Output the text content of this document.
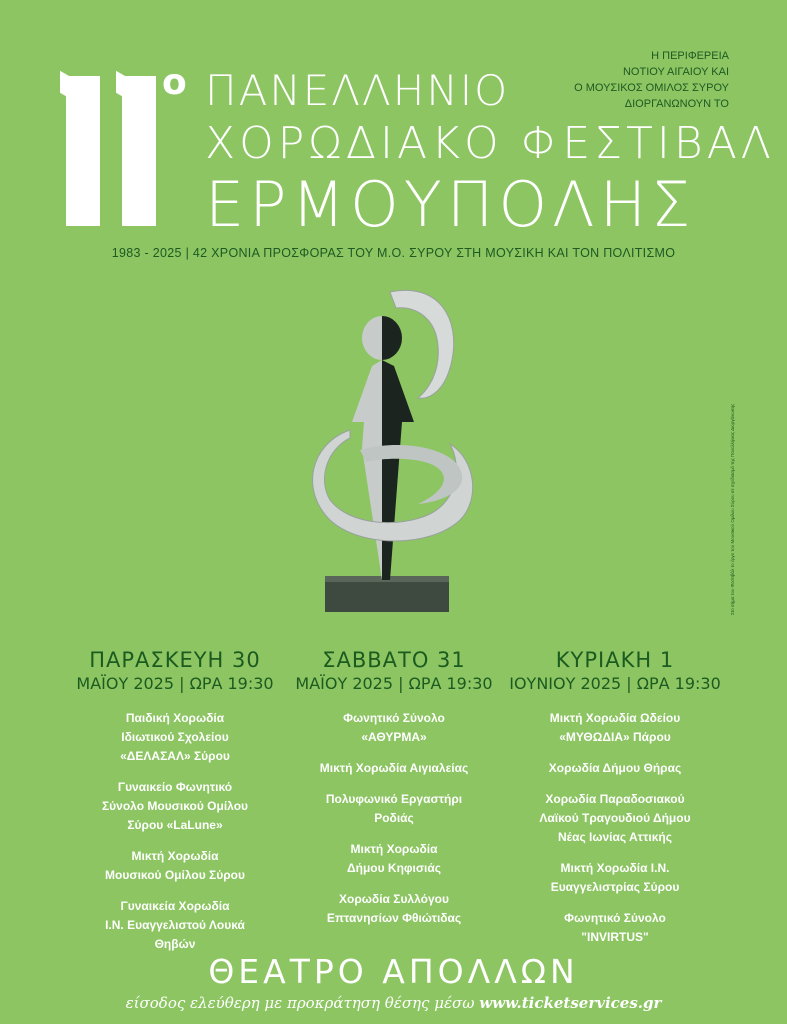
ο ΠΑΝΕΛΛΗΝΙΟ
ΧΟΡΩΔΙΑΚΟ ΦΕΣΤΙΒΑΛ
ΕΡΜΟΥΠΟΛΗΣ
Η ΠΕΡΙΦΕΡΕΙΑ
ΝΟΤΙΟΥ ΑΙΓΑΙΟΥ ΚΑΙ
Ο ΜΟΥΣΙΚΟΣ ΟΜΙΛΟΣ ΣΥΡΟΥ
ΔΙΟΡΓΑΝΩΝΟΥΝ ΤΟ
1983 - 2025 | 42 ΧΡΟΝΙΑ ΠΡΟΣΦΟΡΑΣ ΤΟΥ Μ.Ο. ΣΥΡΟΥ ΣΤΗ ΜΟΥΣΙΚΗ ΚΑΙ ΤΟΝ ΠΟΛΙΤΙΣΜΟ
Στο σήμα του Φεστιβάλ το έργο του Μουσικού Ομίλου Σύρου σε σχεδιασμό της Πανελλήνιας Διοργάνωσης
ΠΑΡΑΣΚΕΥΗ 30
ΜΑΪΟΥ 2025 | ΩΡΑ 19:30
Παιδική Χορωδία
Ιδιωτικού Σχολείου
«ΔΕΛΑΣΑΛ» Σύρου
Γυναικείο Φωνητικό
Σύνολο Μουσικού Ομίλου
Σύρου «LaLune»
Μικτή Χορωδία
Μουσικού Ομίλου Σύρου
Γυναικεία Χορωδία
Ι.Ν. Ευαγγελιστού Λουκά
Θηβών
ΣΑΒΒΑΤΟ 31
ΜΑΪΟΥ 2025 | ΩΡΑ 19:30
Φωνητικό Σύνολο
«ΑΘΥΡΜΑ»
Μικτή Χορωδία Αιγιαλείας
Πολυφωνικό Εργαστήρι
Ροδιάς
Μικτή Χορωδία
Δήμου Κηφισιάς
Χορωδία Συλλόγου
Επτανησίων Φθιώτιδας
ΚΥΡΙΑΚΗ 1
ΙΟΥΝΙΟΥ 2025 | ΩΡΑ 19:30
Μικτή Χορωδία Ωδείου
«ΜΥΘΩΔΙΑ» Πάρου
Χορωδία Δήμου Θήρας
Χορωδία Παραδοσιακού
Λαϊκού Τραγουδιού Δήμου
Νέας Ιωνίας Αττικής
Μικτή Χορωδία Ι.Ν.
Ευαγγελιστρίας Σύρου
Φωνητικό Σύνολο
"INVIRTUS"
ΘΕΑΤΡΟ ΑΠΟΛΛΩΝ
είσοδος ελεύθερη με προκράτηση θέσης μέσω www.ticketservices.gr
